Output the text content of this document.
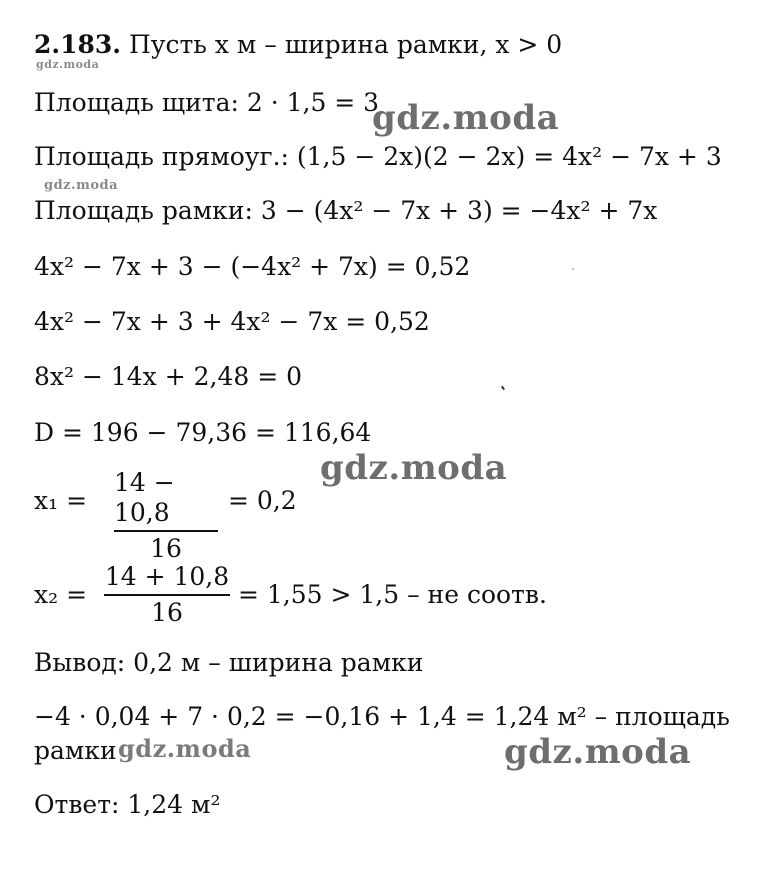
2.183. Пусть x м – ширина рамки, x > 0
gdz.moda
Площадь щита: 2 · 1,5 = 3
gdz.moda
Площадь прямоуг.: (1,5 − 2x)(2 − 2x) = 4x² − 7x + 3
gdz.moda
Площадь рамки: 3 − (4x² − 7x + 3) = −4x² + 7x
4x² − 7x + 3 − (−4x² + 7x) = 0,52
4x² − 7x + 3 + 4x² − 7x = 0,52
8x² − 14x + 2,48 = 0
D = 196 − 79,36 = 116,64
gdz.moda
x₁ =
14 − 10,8
16
= 0,2
x₂ =
14 + 10,8
16
= 1,55 > 1,5 – не соотв.
Вывод: 0,2 м – ширина рамки
−4 · 0,04 + 7 · 0,2 = −0,16 + 1,4 = 1,24 м² – площадь
рамки gdz.moda	gdz.moda
Ответ: 1,24 м²
